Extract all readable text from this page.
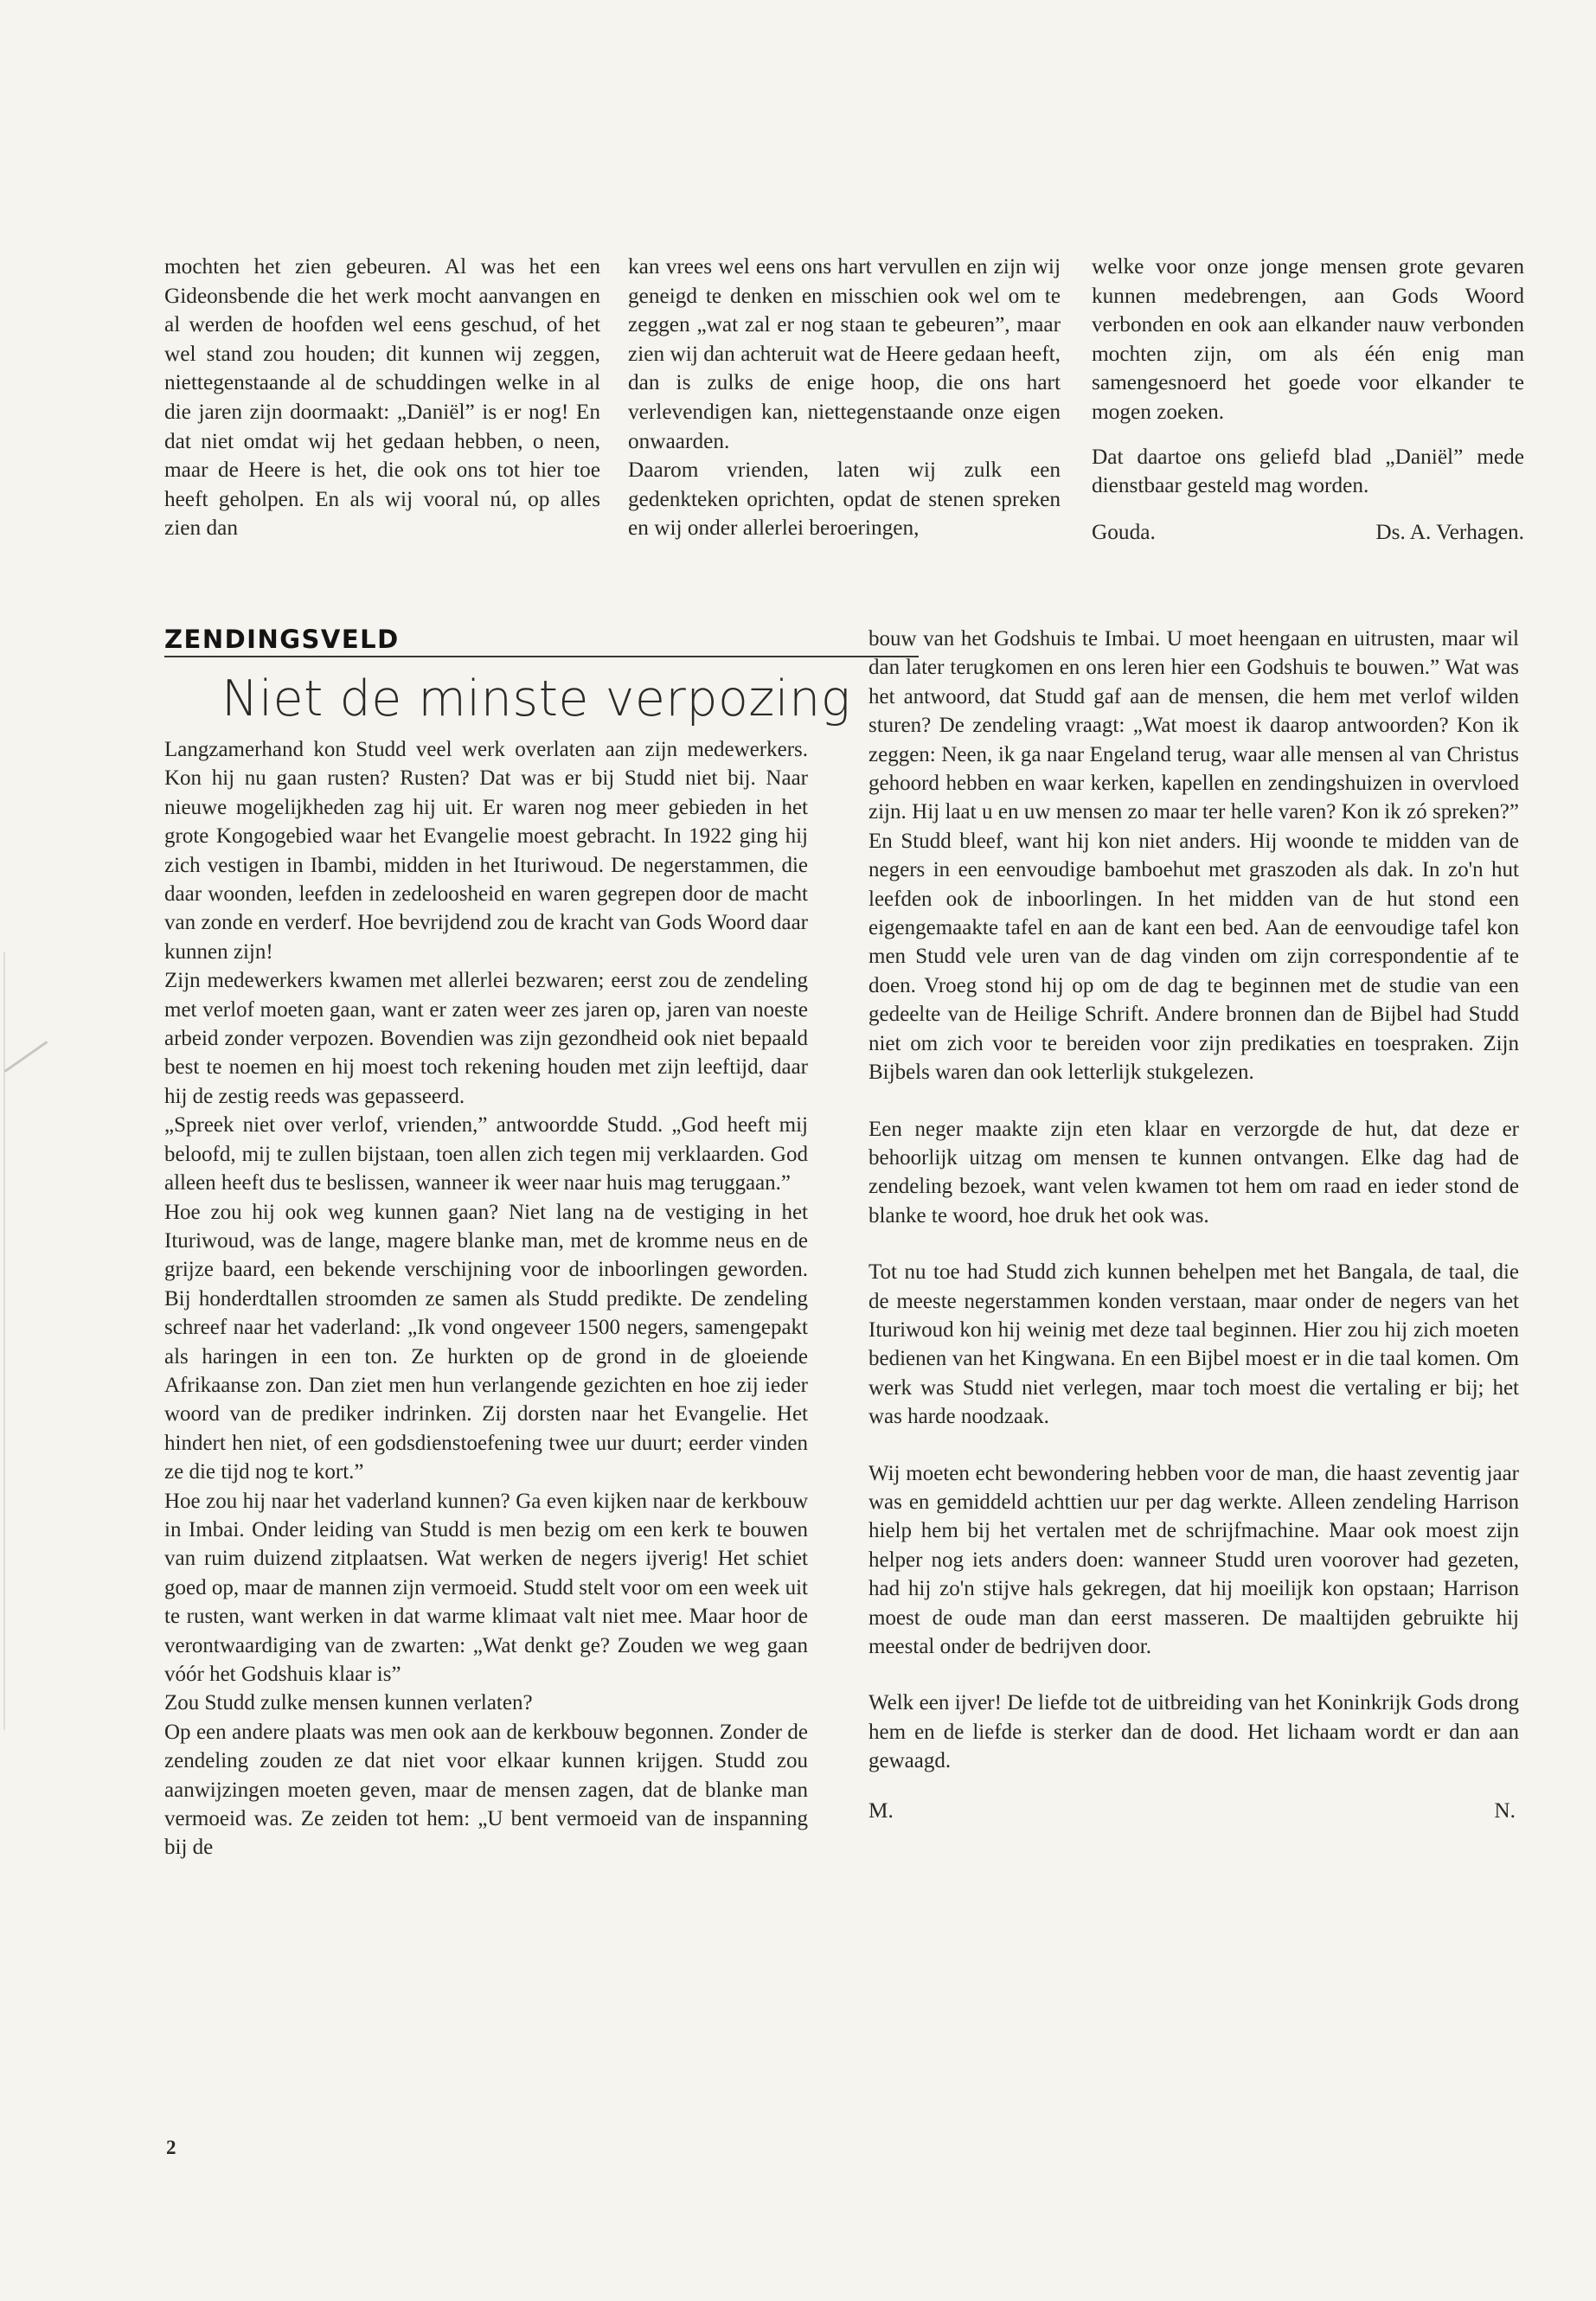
mochten het zien gebeuren. Al was het een Gideonsbende die het werk mocht aanvangen en al werden de hoofden wel eens geschud, of het wel stand zou houden; dit kunnen wij zeggen, niettegenstaande al de schuddingen welke in al die jaren zijn doormaakt: „Daniël” is er nog! En dat niet omdat wij het gedaan hebben, o neen, maar de Heere is het, die ook ons tot hier toe heeft geholpen. En als wij vooral nú, op alles zien dan

kan vrees wel eens ons hart vervullen en zijn wij geneigd te denken en misschien ook wel om te zeggen „wat zal er nog staan te gebeuren”, maar zien wij dan achteruit wat de Heere gedaan heeft, dan is zulks de enige hoop, die ons hart verlevendigen kan, niettegenstaande onze eigen onwaarden.

Daarom vrienden, laten wij zulk een gedenkteken oprichten, opdat de stenen spreken en wij onder allerlei beroeringen,

welke voor onze jonge mensen grote gevaren kunnen medebrengen, aan Gods Woord verbonden en ook aan elkander nauw verbonden mochten zijn, om als één enig man samengesnoerd het goede voor elkander te mogen zoeken.

Dat daartoe ons geliefd blad „Daniël” mede dienstbaar gesteld mag worden.

Gouda.	Ds. A. Verhagen.
ZENDINGSVELD
Niet de minste verpozing

Langzamerhand kon Studd veel werk overlaten aan zijn medewerkers. Kon hij nu gaan rusten? Rusten? Dat was er bij Studd niet bij. Naar nieuwe mogelijkheden zag hij uit. Er waren nog meer gebieden in het grote Kongogebied waar het Evangelie moest gebracht. In 1922 ging hij zich vestigen in Ibambi, midden in het Ituriwoud. De negerstammen, die daar woonden, leefden in zedeloosheid en waren gegrepen door de macht van zonde en verderf. Hoe bevrijdend zou de kracht van Gods Woord daar kunnen zijn!

Zijn medewerkers kwamen met allerlei bezwaren; eerst zou de zendeling met verlof moeten gaan, want er zaten weer zes jaren op, jaren van noeste arbeid zonder verpozen. Bovendien was zijn gezondheid ook niet bepaald best te noemen en hij moest toch rekening houden met zijn leeftijd, daar hij de zestig reeds was gepasseerd.

„Spreek niet over verlof, vrienden,” antwoordde Studd. „God heeft mij beloofd, mij te zullen bijstaan, toen allen zich tegen mij verklaarden. God alleen heeft dus te beslissen, wanneer ik weer naar huis mag teruggaan.”

Hoe zou hij ook weg kunnen gaan? Niet lang na de vestiging in het Ituriwoud, was de lange, magere blanke man, met de kromme neus en de grijze baard, een bekende verschijning voor de inboorlingen geworden. Bij honderdtallen stroomden ze samen als Studd predikte. De zendeling schreef naar het vaderland: „Ik vond ongeveer 1500 negers, samengepakt als haringen in een ton. Ze hurkten op de grond in de gloeiende Afrikaanse zon. Dan ziet men hun verlangende gezichten en hoe zij ieder woord van de prediker indrinken. Zij dorsten naar het Evangelie. Het hindert hen niet, of een godsdienstoefening twee uur duurt; eerder vinden ze die tijd nog te kort.”

Hoe zou hij naar het vaderland kunnen? Ga even kijken naar de kerkbouw in Imbai. Onder leiding van Studd is men bezig om een kerk te bouwen van ruim duizend zitplaatsen. Wat werken de negers ijverig! Het schiet goed op, maar de mannen zijn vermoeid. Studd stelt voor om een week uit te rusten, want werken in dat warme klimaat valt niet mee. Maar hoor de verontwaardiging van de zwarten: „Wat denkt ge? Zouden we weg gaan vóór het Godshuis klaar is”

Zou Studd zulke mensen kunnen verlaten?

Op een andere plaats was men ook aan de kerkbouw begonnen. Zonder de zendeling zouden ze dat niet voor elkaar kunnen krijgen. Studd zou aanwijzingen moeten geven, maar de mensen zagen, dat de blanke man vermoeid was. Ze zeiden tot hem: „U bent vermoeid van de inspanning bij de

bouw van het Godshuis te Imbai. U moet heengaan en uitrusten, maar wil dan later terugkomen en ons leren hier een Godshuis te bouwen.” Wat was het antwoord, dat Studd gaf aan de mensen, die hem met verlof wilden sturen? De zendeling vraagt: „Wat moest ik daarop antwoorden? Kon ik zeggen: Neen, ik ga naar Engeland terug, waar alle mensen al van Christus gehoord hebben en waar kerken, kapellen en zendingshuizen in overvloed zijn. Hij laat u en uw mensen zo maar ter helle varen? Kon ik zó spreken?” En Studd bleef, want hij kon niet anders. Hij woonde te midden van de negers in een eenvoudige bamboehut met graszoden als dak. In zo'n hut leefden ook de inboorlingen. In het midden van de hut stond een eigengemaakte tafel en aan de kant een bed. Aan de eenvoudige tafel kon men Studd vele uren van de dag vinden om zijn correspondentie af te doen. Vroeg stond hij op om de dag te beginnen met de studie van een gedeelte van de Heilige Schrift. Andere bronnen dan de Bijbel had Studd niet om zich voor te bereiden voor zijn predikaties en toespraken. Zijn Bijbels waren dan ook letterlijk stukgelezen.

Een neger maakte zijn eten klaar en verzorgde de hut, dat deze er behoorlijk uitzag om mensen te kunnen ontvangen. Elke dag had de zendeling bezoek, want velen kwamen tot hem om raad en ieder stond de blanke te woord, hoe druk het ook was.

Tot nu toe had Studd zich kunnen behelpen met het Bangala, de taal, die de meeste negerstammen konden verstaan, maar onder de negers van het Ituriwoud kon hij weinig met deze taal beginnen. Hier zou hij zich moeten bedienen van het Kingwana. En een Bijbel moest er in die taal komen. Om werk was Studd niet verlegen, maar toch moest die vertaling er bij; het was harde noodzaak.

Wij moeten echt bewondering hebben voor de man, die haast zeventig jaar was en gemiddeld achttien uur per dag werkte. Alleen zendeling Harrison hielp hem bij het vertalen met de schrijfmachine. Maar ook moest zijn helper nog iets anders doen: wanneer Studd uren voorover had gezeten, had hij zo'n stijve hals gekregen, dat hij moeilijk kon opstaan; Harrison moest de oude man dan eerst masseren. De maaltijden gebruikte hij meestal onder de bedrijven door.

Welk een ijver! De liefde tot de uitbreiding van het Koninkrijk Gods drong hem en de liefde is sterker dan de dood. Het lichaam wordt er dan aan gewaagd.

M.	N.
2
